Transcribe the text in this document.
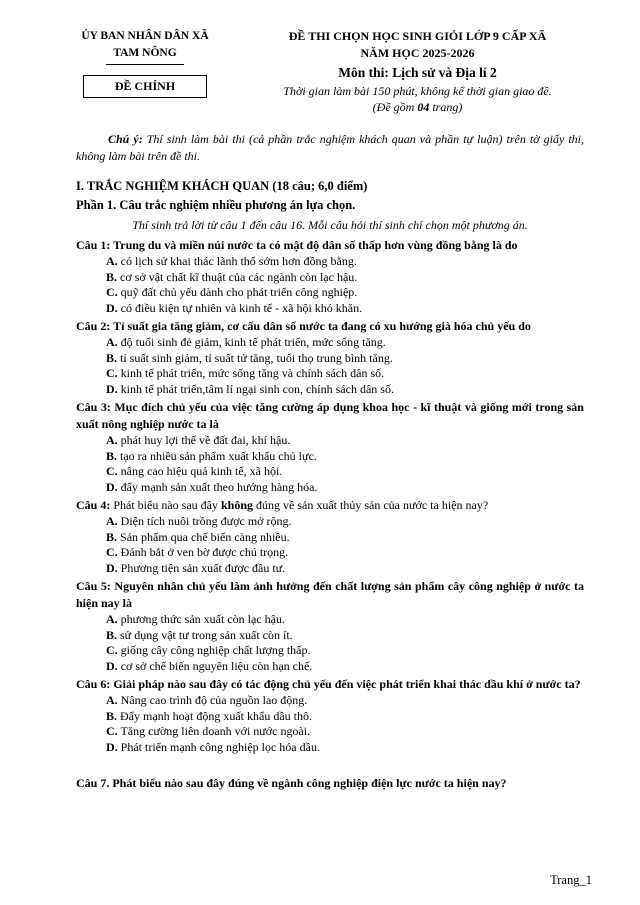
ỦY BAN NHÂN DÂN XÃ
TAM NÔNG
ĐỀ CHÍNH
ĐỀ THI CHỌN HỌC SINH GIỎI LỚP 9 CẤP XÃ
NĂM HỌC 2025-2026
Môn thi: Lịch sử và Địa lí 2
Thời gian làm bài 150 phút, không kể thời gian giao đề.
(Đề gồm 04 trang)
Chú ý: Thí sinh làm bài thi (cả phần trắc nghiệm khách quan và phần tự luận) trên tờ giấy thi, không làm bài trên đề thi.
I. TRẮC NGHIỆM KHÁCH QUAN (18 câu; 6,0 điểm)
Phần 1. Câu trắc nghiệm nhiều phương án lựa chọn.
Thí sinh trả lời từ câu 1 đến câu 16. Mỗi câu hỏi thí sinh chỉ chọn một phương án.
Câu 1: Trung du và miền núi nước ta có mật độ dân số thấp hơn vùng đồng bằng là do
A. có lịch sử khai thác lãnh thổ sớm hơn đồng bằng.
B. cơ sở vật chất kĩ thuật của các ngành còn lạc hậu.
C. quỹ đất chủ yếu dành cho phát triển công nghiệp.
D. có điều kiện tự nhiên và kinh tế - xã hội khó khăn.
Câu 2: Tỉ suất gia tăng giảm, cơ cấu dân số nước ta đang có xu hướng già hóa chủ yếu do
A. độ tuổi sinh đẻ giảm, kinh tế phát triển, mức sống tăng.
B. tỉ suất sinh giảm, tỉ suất tử tăng, tuổi thọ trung bình tăng.
C. kinh tế phát triển, mức sống tăng và chính sách dân số.
D. kinh tế phát triển,tâm lí ngại sinh con, chính sách dân số.
Câu 3: Mục đích chủ yếu của việc tăng cường áp dụng khoa học - kĩ thuật và giống mới trong sản xuất nông nghiệp nước ta là
A. phát huy lợi thế về đất đai, khí hậu.
B. tạo ra nhiều sản phẩm xuất khẩu chủ lực.
C. nâng cao hiệu quả kinh tế, xã hội.
D. đẩy mạnh sản xuất theo hướng hàng hóa.
Câu 4: Phát biểu nào sau đây không đúng về sản xuất thủy sản của nước ta hiện nay?
A. Diện tích nuôi trồng được mở rộng.
B. Sản phẩm qua chế biến càng nhiều.
C. Đánh bắt ở ven bờ được chú trọng.
D. Phương tiện sản xuất được đầu tư.
Câu 5: Nguyên nhân chủ yếu làm ảnh hưởng đến chất lượng sản phẩm cây công nghiệp ở nước ta hiện nay là
A. phương thức sản xuất còn lạc hậu.
B. sử dụng vật tư trong sản xuất còn ít.
C. giống cây công nghiệp chất lượng thấp.
D. cơ sở chế biến nguyên liệu còn hạn chế.
Câu 6: Giải pháp nào sau đây có tác động chủ yếu đến việc phát triển khai thác dầu khí ở nước ta?
A. Nâng cao trình độ của nguồn lao động.
B. Đẩy mạnh hoạt động xuất khẩu dầu thô.
C. Tăng cường liên doanh với nước ngoài.
D. Phát triển mạnh công nghiệp lọc hóa dầu.
Câu 7. Phát biểu nào sau đây đúng về ngành công nghiệp điện lực nước ta hiện nay?
Trang_1
